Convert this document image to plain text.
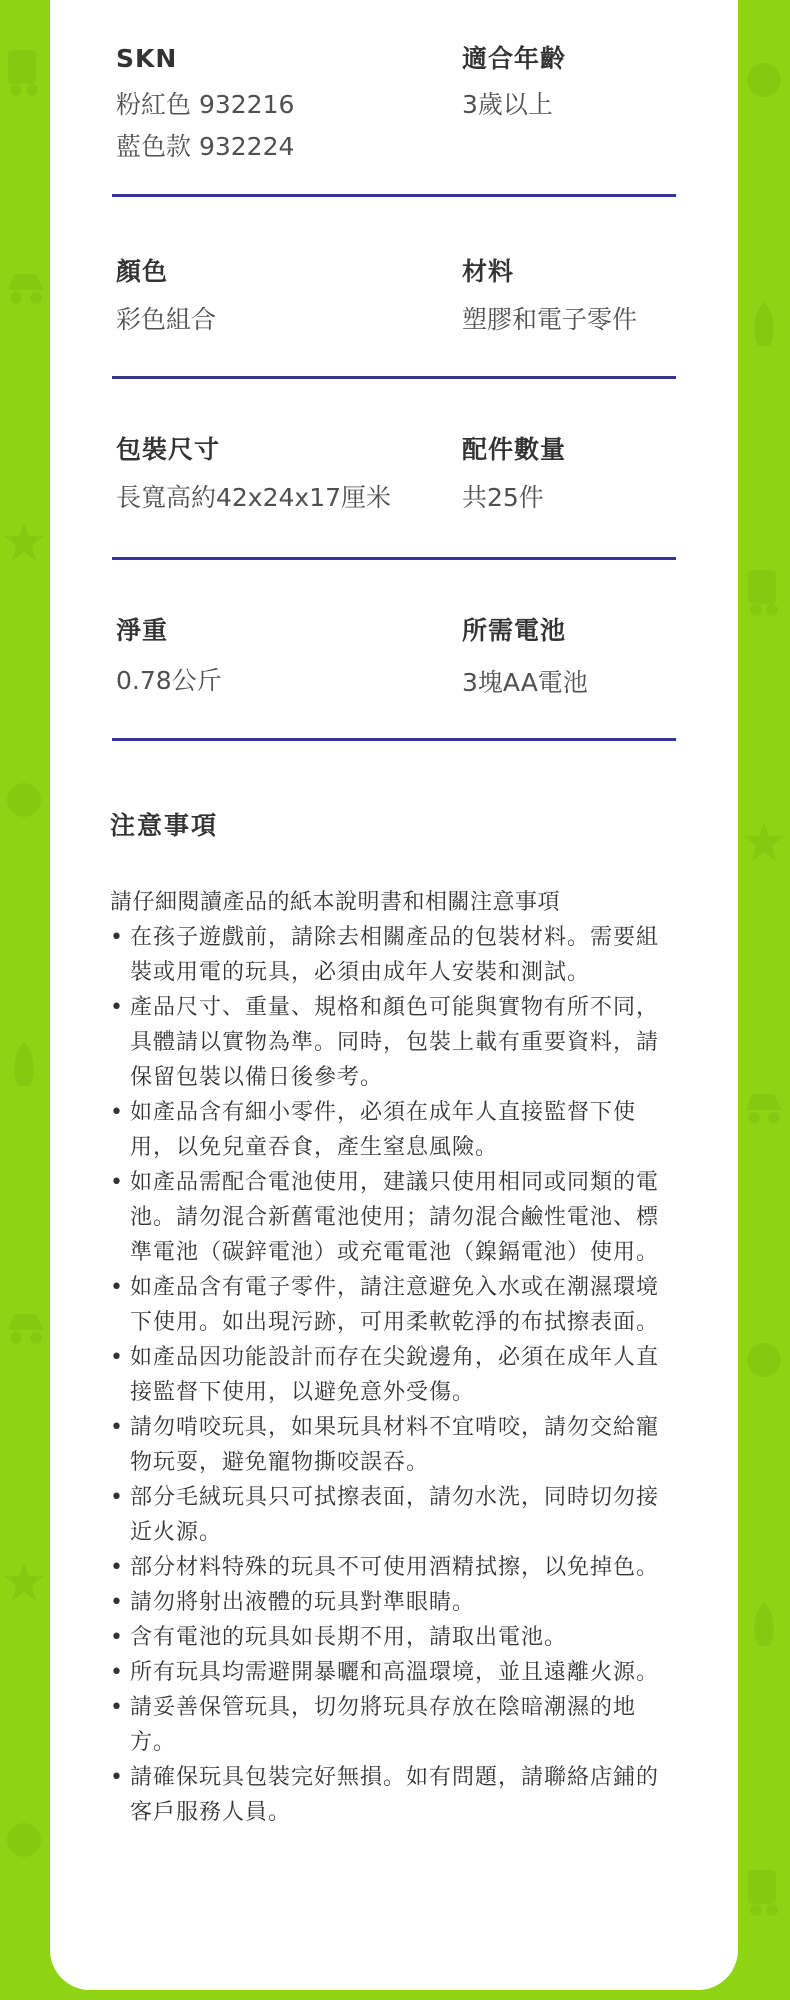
SKN
粉紅色 932216
藍色款 932224
適合年齡
3歲以上
顏色
彩色組合
材料
塑膠和電子零件
包裝尺寸
長寬高約42x24x17厘米
配件數量
共25件
淨重
0.78公斤
所需電池
3塊AA電池
注意事項
請仔細閱讀產品的紙本說明書和相關注意事項
• 在孩子遊戲前，請除去相關產品的包裝材料。需要組裝或用電的玩具，必須由成年人安裝和測試。
• 產品尺寸、重量、規格和顏色可能與實物有所不同，具體請以實物為準。同時，包裝上載有重要資料，請保留包裝以備日後參考。
• 如產品含有細小零件，必須在成年人直接監督下使用，以免兒童吞食，產生窒息風險。
• 如產品需配合電池使用，建議只使用相同或同類的電池。請勿混合新舊電池使用；請勿混合鹼性電池、標準電池（碳鋅電池）或充電電池（鎳鎘電池）使用。
• 如產品含有電子零件，請注意避免入水或在潮濕環境下使用。如出現污跡，可用柔軟乾淨的布拭擦表面。
• 如產品因功能設計而存在尖銳邊角，必須在成年人直接監督下使用，以避免意外受傷。
• 請勿啃咬玩具，如果玩具材料不宜啃咬，請勿交給寵物玩耍，避免寵物撕咬誤吞。
• 部分毛絨玩具只可拭擦表面，請勿水洗，同時切勿接近火源。
• 部分材料特殊的玩具不可使用酒精拭擦，以免掉色。
• 請勿將射出液體的玩具對準眼睛。
• 含有電池的玩具如長期不用，請取出電池。
• 所有玩具均需避開暴曬和高溫環境，並且遠離火源。
• 請妥善保管玩具，切勿將玩具存放在陰暗潮濕的地方。
• 請確保玩具包裝完好無損。如有問題，請聯絡店鋪的客戶服務人員。
